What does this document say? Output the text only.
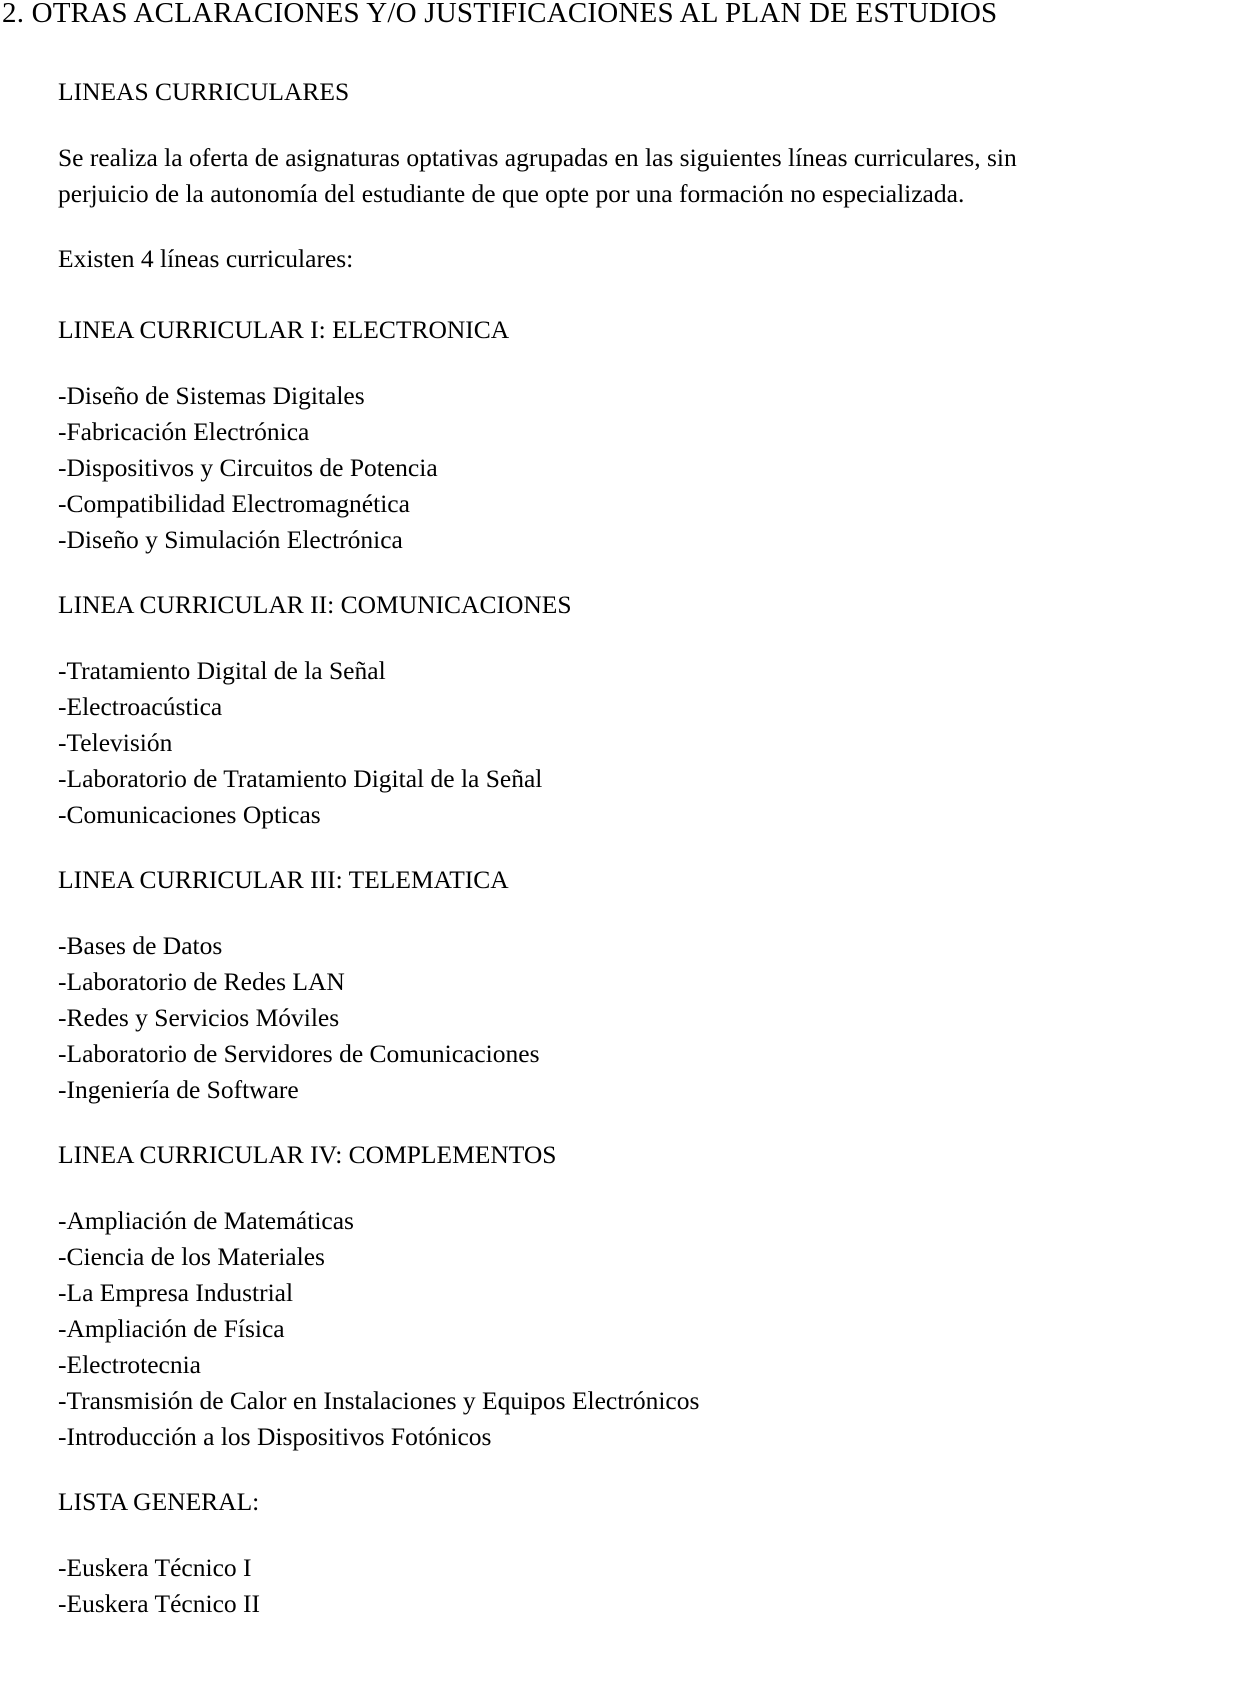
2. OTRAS ACLARACIONES Y/O JUSTIFICACIONES AL PLAN DE ESTUDIOS
LINEAS CURRICULARES
Se realiza la oferta de asignaturas optativas agrupadas en las siguientes líneas curriculares, sin
perjuicio de la autonomía del estudiante de que opte por una formación no especializada.
Existen 4 líneas curriculares:
LINEA CURRICULAR I: ELECTRONICA
-Diseño de Sistemas Digitales
-Fabricación Electrónica
-Dispositivos y Circuitos de Potencia
-Compatibilidad Electromagnética
-Diseño y Simulación Electrónica
LINEA CURRICULAR II: COMUNICACIONES
-Tratamiento Digital de la Señal
-Electroacústica
-Televisión
-Laboratorio de Tratamiento Digital de la Señal
-Comunicaciones Opticas
LINEA CURRICULAR III: TELEMATICA
-Bases de Datos
-Laboratorio de Redes LAN
-Redes y Servicios Móviles
-Laboratorio de Servidores de Comunicaciones
-Ingeniería de Software
LINEA CURRICULAR IV: COMPLEMENTOS
-Ampliación de Matemáticas
-Ciencia de los Materiales
-La Empresa Industrial
-Ampliación de Física
-Electrotecnia
-Transmisión de Calor en Instalaciones y Equipos Electrónicos
-Introducción a los Dispositivos Fotónicos
LISTA GENERAL:
-Euskera Técnico I
-Euskera Técnico II
